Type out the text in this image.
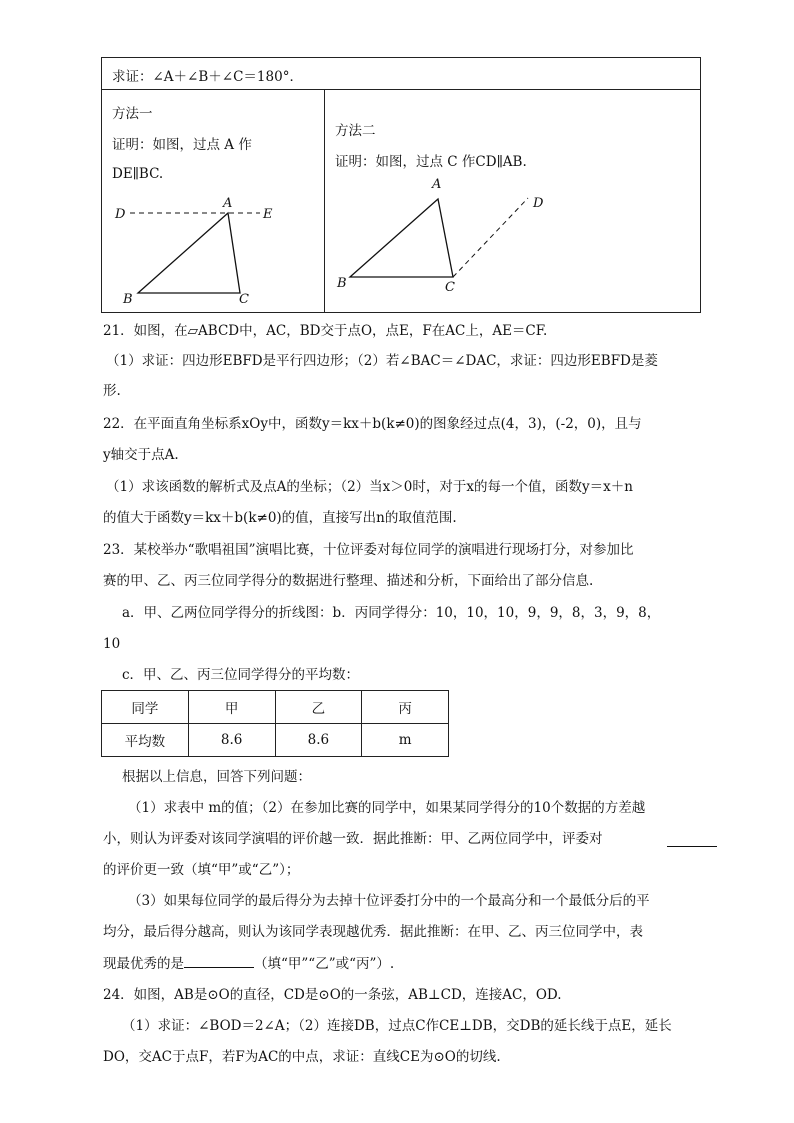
求证：∠A＋∠B＋∠C＝180°．
方法一
证明：如图，过点 A 作
DE∥BC.
方法二
证明：如图，过点 C 作CD∥AB.
D
A
E
B	C
A
D
B	C
21．如图，在▱ABCD中，AC，BD交于点O，点E，F在AC上，AE＝CF.
（1）求证：四边形EBFD是平行四边形；（2）若∠BAC＝∠DAC，求证：四边形EBFD是菱
形.
22．在平面直角坐标系xOy中，函数y＝kx＋b(k≠0)的图象经过点(4，3)，(-2，0)，且与
y轴交于点A.
（1）求该函数的解析式及点A的坐标；（2）当x＞0时，对于x的每一个值，函数y＝x＋n
的值大于函数y＝kx＋b(k≠0)的值，直接写出n的取值范围.
23．某校举办“歌唱祖国”演唱比赛，十位评委对每位同学的演唱进行现场打分，对参加比
赛的甲、乙、丙三位同学得分的数据进行整理、描述和分析，下面给出了部分信息.
a．甲、乙两位同学得分的折线图：b．丙同学得分：10，10，10，9，9，8，3，9，8，
10
c．甲、乙、丙三位同学得分的平均数：
同学	甲	乙	丙
平均数	8.6	8.6	m
根据以上信息，回答下列问题：
（1）求表中 m的值；（2）在参加比赛的同学中，如果某同学得分的10个数据的方差越
小，则认为评委对该同学演唱的评价越一致．据此推断：甲、乙两位同学中，评委对
的评价更一致（填“甲”或“乙”）；
（3）如果每位同学的最后得分为去掉十位评委打分中的一个最高分和一个最低分后的平
均分，最后得分越高，则认为该同学表现越优秀．据此推断：在甲、乙、丙三位同学中，表
现最优秀的是	（填“甲”“乙”或“丙”）.
24．如图，AB是⊙O的直径，CD是⊙O的一条弦，AB⊥CD，连接AC，OD.
（1）求证：∠BOD＝2∠A；（2）连接DB，过点C作CE⊥DB，交DB的延长线于点E，延长
DO，交AC于点F，若F为AC的中点，求证：直线CE为⊙O的切线.
